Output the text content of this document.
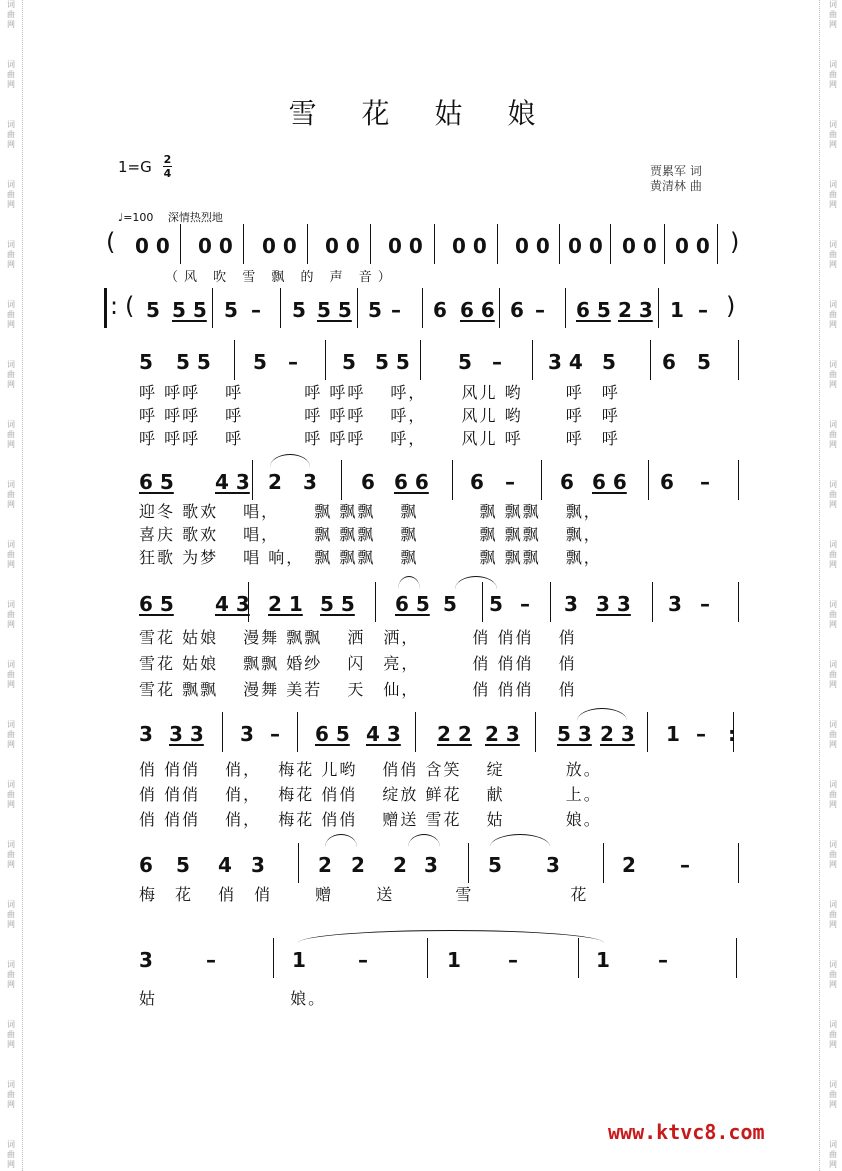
词
曲
网
词
曲
网
词
曲
网
词
曲
网
词
曲
网
词
曲
网
词
曲
网
词
曲
网
词
曲
网
词
曲
网
词
曲
网
词
曲
网
词
曲
网
词
曲
网
词
曲
网
词
曲
网
词
曲
网
词
曲
网
词
曲
网
词
曲
网
词
曲
网
词
曲
网
词
曲
网
词
曲
网
词
曲
网
词
曲
网
词
曲
网
词
曲
网
词
曲
网
词
曲
网
词
曲
网
词
曲
网
词
曲
网
词
曲
网
词
曲
网
词
曲
网
词
曲
网
词
曲
网
词
曲
网
词
曲
网
雪 花 姑 娘
1=G 2
4	贾累军 词
黄清林 曲
♩=100　 深情热烈地
（风 吹 雪 飘 的 声 音）
( 0 0 0 0 0 0 0 0 0 0 0 0 0 0 0 0 0 0 0 0 )
: ( 5 5 5 5 – 5 5 5 5 – 6 6 6 6 – 6 5 2 3 1 – )
5 5 5 5 – 5 5 5 5 – 3 4 5 6 5
6 5 4 3 2 3 6 6 6 6 – 6 6 6 6 –
6 5 4 3 2 1 5 5 6 5 5 5 – 3 3 3 3 –
3 3 3 3 – 6 5 4 3 2 2 2 3 5 3 2 3 1 – :
6 5 4 3	2 2 2 3	5 3	2 –
3	–	1	–	1 –	1 –
呼 呼呼　 呼　　　 呼 呼呼　 呼，　　 风儿 哟　　 呼　呼
呼 呼呼　 呼　　　 呼 呼呼　 呼，　　 风儿 哟　　 呼　呼
呼 呼呼　 呼　　　 呼 呼呼　 呼，　　 风儿 呼　　 呼　呼
迎冬 歌欢　 唱，　　 飘 飘飘　 飘　　　 飘 飘飘　 飘，
喜庆 歌欢　 唱，　　 飘 飘飘　 飘　　　 飘 飘飘　 飘，
狂歌 为梦　 唱 响，　飘 飘飘　 飘　　　 飘 飘飘　 飘，
雪花 姑娘　 漫舞 飘飘　 洒　洒，　　　 俏 俏俏　 俏
雪花 姑娘　 飘飘 婚纱　 闪　亮，　　　 俏 俏俏　 俏
雪花 飘飘　 漫舞 美若　 天　仙，　　　 俏 俏俏　 俏
俏 俏俏　 俏，　 梅花 儿哟　 俏俏 含笑　 绽　　　 放。
俏 俏俏　 俏，　 梅花 俏俏　 绽放 鲜花　 献　　　 上。
俏 俏俏　 俏，　 梅花 俏俏　 赠送 雪花　 姑　　　 娘。
梅　花　 俏　俏　　 赠　　 送　　　 雪　　　　　 花
姑　　　　　　　 娘。
www.ktvc8.com
